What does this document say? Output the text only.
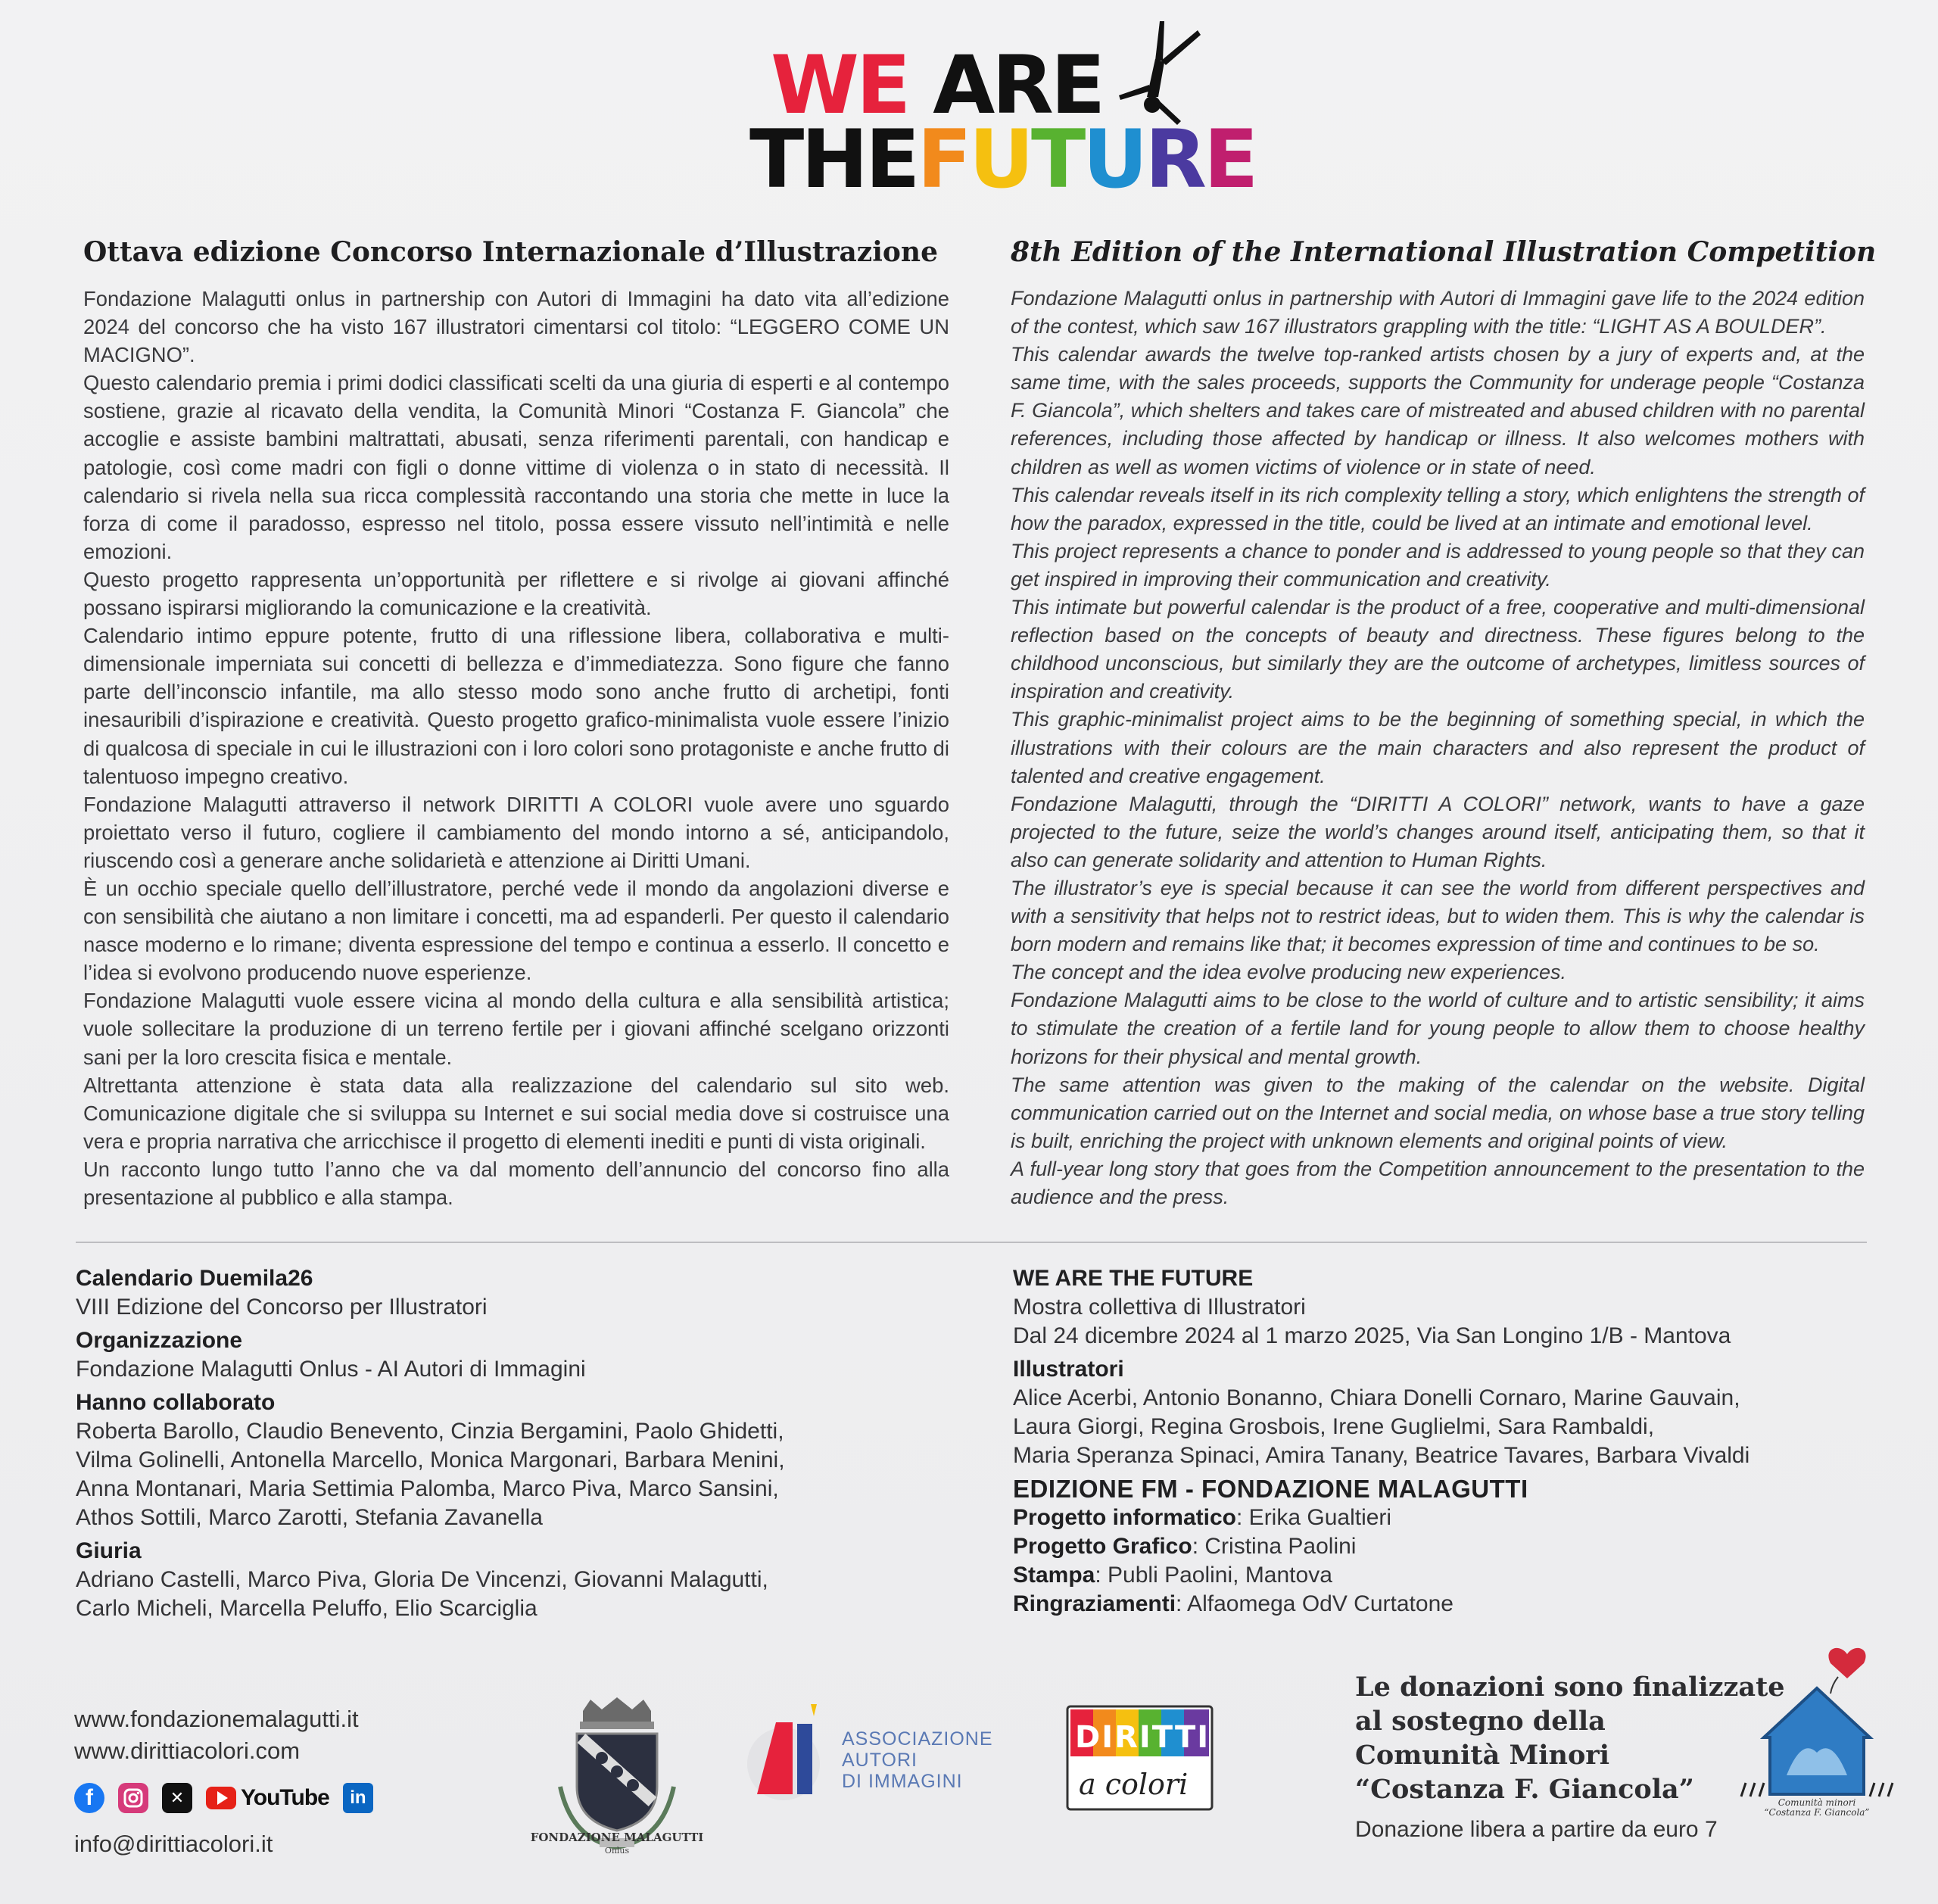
WE ARE
THEFUTURE
Ottava edizione Concorso Internazionale d’Illustrazione

Fondazione Malagutti onlus in partnership con Autori di Immagini ha dato vita all’edizione 2024 del concorso che ha visto 167 illustratori cimentarsi col titolo: “LEGGERO COME UN MACIGNO”.

Questo calendario premia i primi dodici classificati scelti da una giuria di esperti e al contempo sostiene, grazie al ricavato della vendita, la Comunità Minori “Costanza F. Giancola” che accoglie e assiste bambini maltrattati, abusati, senza riferimenti parentali, con handicap e patologie, così come madri con figli o donne vittime di violenza o in stato di necessità. Il calendario si rivela nella sua ricca complessità raccontando una storia che mette in luce la forza di come il paradosso, espresso nel titolo, possa essere vissuto nell’intimità e nelle emozioni.

Questo progetto rappresenta un’opportunità per riflettere e si rivolge ai giovani affinché possano ispirarsi migliorando la comunicazione e la creatività.

Calendario intimo eppure potente, frutto di una riflessione libera, collaborativa e multi-dimensionale imperniata sui concetti di bellezza e d’immediatezza. Sono figure che fanno parte dell’inconscio infantile, ma allo stesso modo sono anche frutto di archetipi, fonti inesauribili d’ispirazione e creatività. Questo progetto grafico-minimalista vuole essere l’inizio di qualcosa di speciale in cui le illustrazioni con i loro colori sono protagoniste e anche frutto di talentuoso impegno creativo.

Fondazione Malagutti attraverso il network DIRITTI A COLORI vuole avere uno sguardo proiettato verso il futuro, cogliere il cambiamento del mondo intorno a sé, anticipandolo, riuscendo così a generare anche solidarietà e attenzione ai Diritti Umani.

È un occhio speciale quello dell’illustratore, perché vede il mondo da angolazioni diverse e con sensibilità che aiutano a non limitare i concetti, ma ad espanderli. Per questo il calendario nasce moderno e lo rimane; diventa espressione del tempo e continua a esserlo. Il concetto e l’idea si evolvono producendo nuove esperienze.

Fondazione Malagutti vuole essere vicina al mondo della cultura e alla sensibilità artistica; vuole sollecitare la produzione di un terreno fertile per i giovani affinché scelgano orizzonti sani per la loro crescita fisica e mentale.

Altrettanta attenzione è stata data alla realizzazione del calendario sul sito web. Comunicazione digitale che si sviluppa su Internet e sui social media dove si costruisce una vera e propria narrativa che arricchisce il progetto di elementi inediti e punti di vista originali.

Un racconto lungo tutto l’anno che va dal momento dell’annuncio del concorso fino alla presentazione al pubblico e alla stampa.

8th Edition of the International Illustration Competition

Fondazione Malagutti onlus in partnership with Autori di Immagini gave life to the 2024 edition of the contest, which saw 167 illustrators grappling with the title: “LIGHT AS A BOULDER”.

This calendar awards the twelve top-ranked artists chosen by a jury of experts and, at the same time, with the sales proceeds, supports the Community for underage people “Costanza F. Giancola”, which shelters and takes care of mistreated and abused children with no parental references, including those affected by handicap or illness. It also welcomes mothers with children as well as women victims of violence or in state of need.

This calendar reveals itself in its rich complexity telling a story, which enlightens the strength of how the paradox, expressed in the title, could be lived at an intimate and emotional level.

This project represents a chance to ponder and is addressed to young people so that they can get inspired in improving their communication and creativity.

This intimate but powerful calendar is the product of a free, cooperative and multi-dimensional reflection based on the concepts of beauty and directness. These figures belong to the childhood unconscious, but similarly they are the outcome of archetypes, limitless sources of inspiration and creativity.

This graphic-minimalist project aims to be the beginning of something special, in which the illustrations with their colours are the main characters and also represent the product of talented and creative engagement.

Fondazione Malagutti, through the “DIRITTI A COLORI” network, wants to have a gaze projected to the future, seize the world’s changes around itself, anticipating them, so that it also can generate solidarity and attention to Human Rights.

The illustrator’s eye is special because it can see the world from different perspectives and with a sensitivity that helps not to restrict ideas, but to widen them. This is why the calendar is born modern and remains like that; it becomes expression of time and continues to be so.

The concept and the idea evolve producing new experiences.

Fondazione Malagutti aims to be close to the world of culture and to artistic sensibility; it aims to stimulate the creation of a fertile land for young people to allow them to choose healthy horizons for their physical and mental growth.

The same attention was given to the making of the calendar on the website. Digital communication carried out on the Internet and social media, on whose base a true story telling is built, enriching the project with unknown elements and original points of view.

A full-year long story that goes from the Competition announcement to the presentation to the audience and the press.

Calendario Duemila26
VIII Edizione del Concorso per Illustratori
Organizzazione
Fondazione Malagutti Onlus - AI Autori di Immagini
Hanno collaborato
Roberta Barollo, Claudio Benevento, Cinzia Bergamini, Paolo Ghidetti,
Vilma Golinelli, Antonella Marcello, Monica Margonari, Barbara Menini,
Anna Montanari, Maria Settimia Palomba, Marco Piva, Marco Sansini,
Athos Sottili, Marco Zarotti, Stefania Zavanella
Giuria
Adriano Castelli, Marco Piva, Gloria De Vincenzi, Giovanni Malagutti,
Carlo Micheli, Marcella Peluffo, Elio Scarciglia
WE ARE THE FUTURE
Mostra collettiva di Illustratori
Dal 24 dicembre 2024 al 1 marzo 2025, Via San Longino 1/B - Mantova
Illustratori
Alice Acerbi, Antonio Bonanno, Chiara Donelli Cornaro, Marine Gauvain,
Laura Giorgi, Regina Grosbois, Irene Guglielmi, Sara Rambaldi,
Maria Speranza Spinaci, Amira Tanany, Beatrice Tavares, Barbara Vivaldi
EDIZIONE FM - FONDAZIONE MALAGUTTI
Progetto informatico: Erika Gualtieri
Progetto Grafico: Cristina Paolini
Stampa: Publi Paolini, Mantova
Ringraziamenti: Alfaomega OdV Curtatone
www.fondazionemalagutti.it
www.dirittiacolori.com
f	✕	YouTube	in
info@dirittiacolori.it	FONDAZIONE MALAGUTTI
Onlus
ASSOCIAZIONE
AUTORI
DI IMMAGINI
DIRITTI
a colori
Le donazioni sono finalizzate
al sostegno della
Comunità Minori
“Costanza F. Giancola”
Donazione libera a partire da euro 7
Comunità minori
“Costanza F. Giancola”
